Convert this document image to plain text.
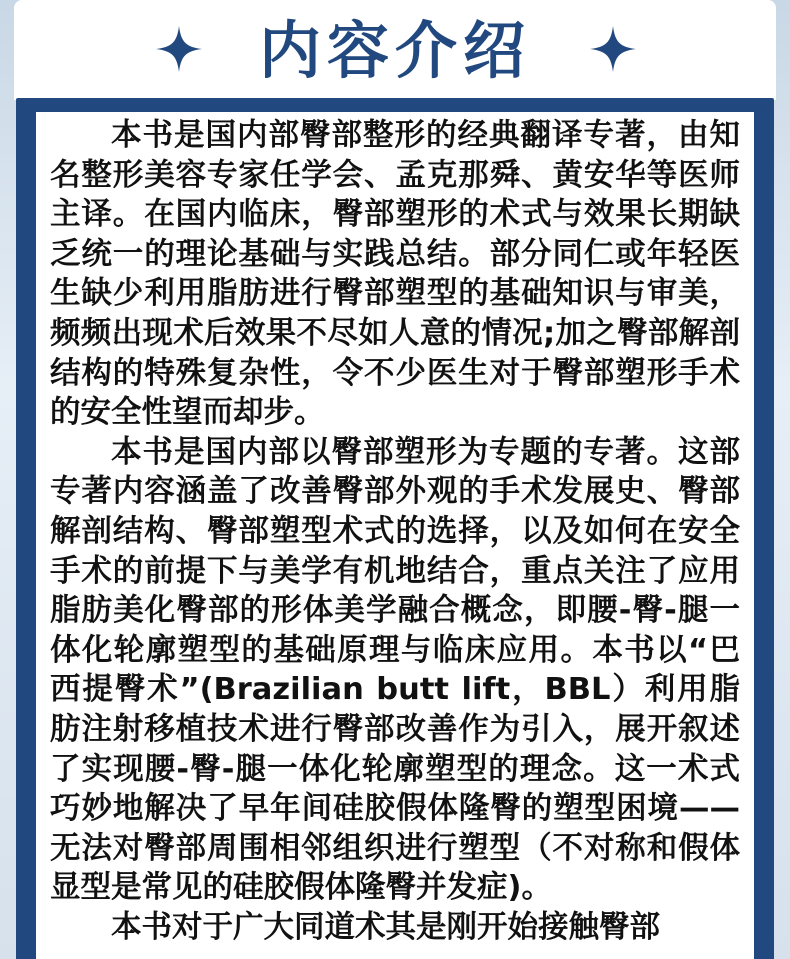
内容介绍

本书是国内部臀部整形的经典翻译专著，由知名整形美容专家任学会、孟克那舜、黄安华等医师主译。在国内临床，臀部塑形的术式与效果长期缺乏统一的理论基础与实践总结。部分同仁或年轻医生缺少利用脂肪进行臀部塑型的基础知识与审美，频频出现术后效果不尽如人意的情况;加之臀部解剖结构的特殊复杂性，令不少医生对于臀部塑形手术的安全性望而却步。

本书是国内部以臀部塑形为专题的专著。这部专著内容涵盖了改善臀部外观的手术发展史、臀部解剖结构、臀部塑型术式的选择，以及如何在安全手术的前提下与美学有机地结合，重点关注了应用脂肪美化臀部的形体美学融合概念，即腰-臀-腿一体化轮廓塑型的基础原理与临床应用。本书以“巴西提臀术”(Brazilian butt lift，BBL）利用脂肪注射移植技术进行臀部改善作为引入，展开叙述了实现腰-臀-腿一体化轮廓塑型的理念。这一术式巧妙地解决了早年间硅胶假体隆臀的塑型困境——无法对臀部周围相邻组织进行塑型（不对称和假体显型是常见的硅胶假体隆臀并发症)。

本书对于广大同道术其是刚开始接触臀部
